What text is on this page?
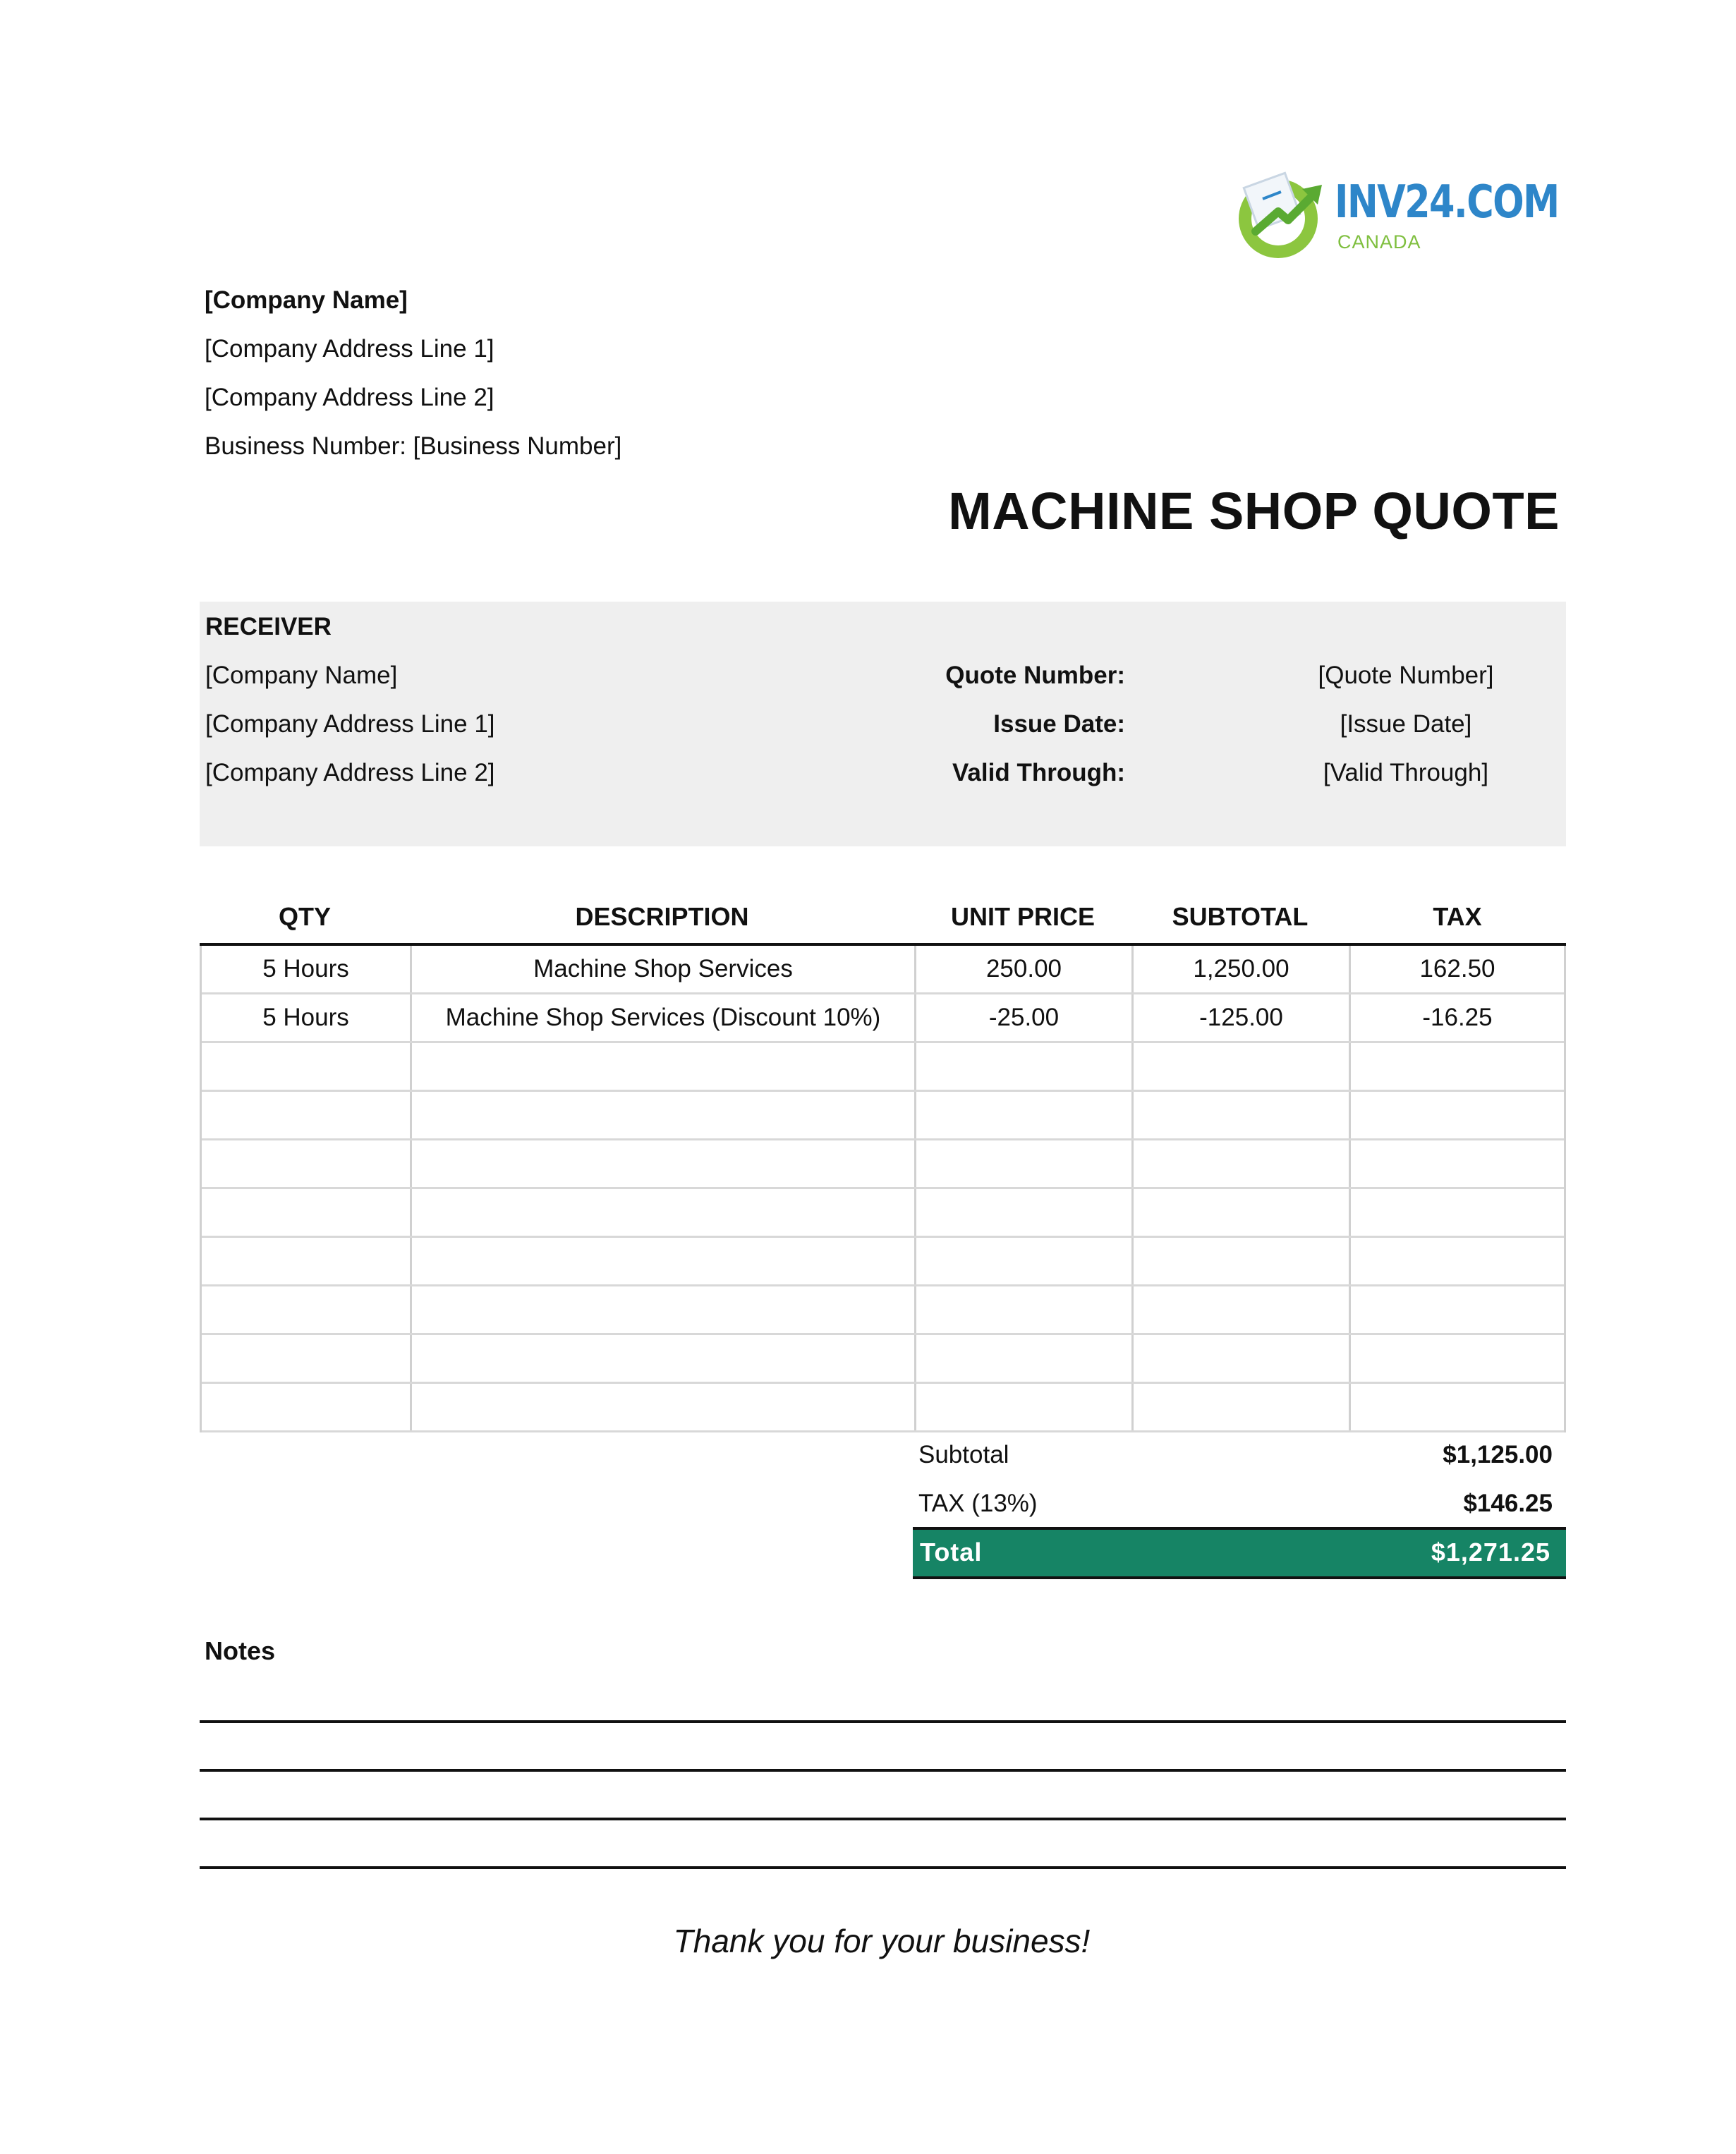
INV24.COM
CANADA
[Company Name]
[Company Address Line 1]
[Company Address Line 2]
Business Number: [Business Number]
MACHINE SHOP QUOTE
RECEIVER
[Company Name]
[Company Address Line 1]
[Company Address Line 2]
Quote Number:	[Quote Number]
Issue Date:	[Issue Date]
Valid Through:	[Valid Through]
QTY	DESCRIPTION	UNIT PRICE	SUBTOTAL	TAX
5 Hours	Machine Shop Services	250.00	1,250.00	162.50
5 Hours	Machine Shop Services (Discount 10%)	-25.00	-125.00	-16.25
Subtotal	$1,125.00
TAX (13%)	$146.25
Total	$1,271.25
Notes
Thank you for your business!
